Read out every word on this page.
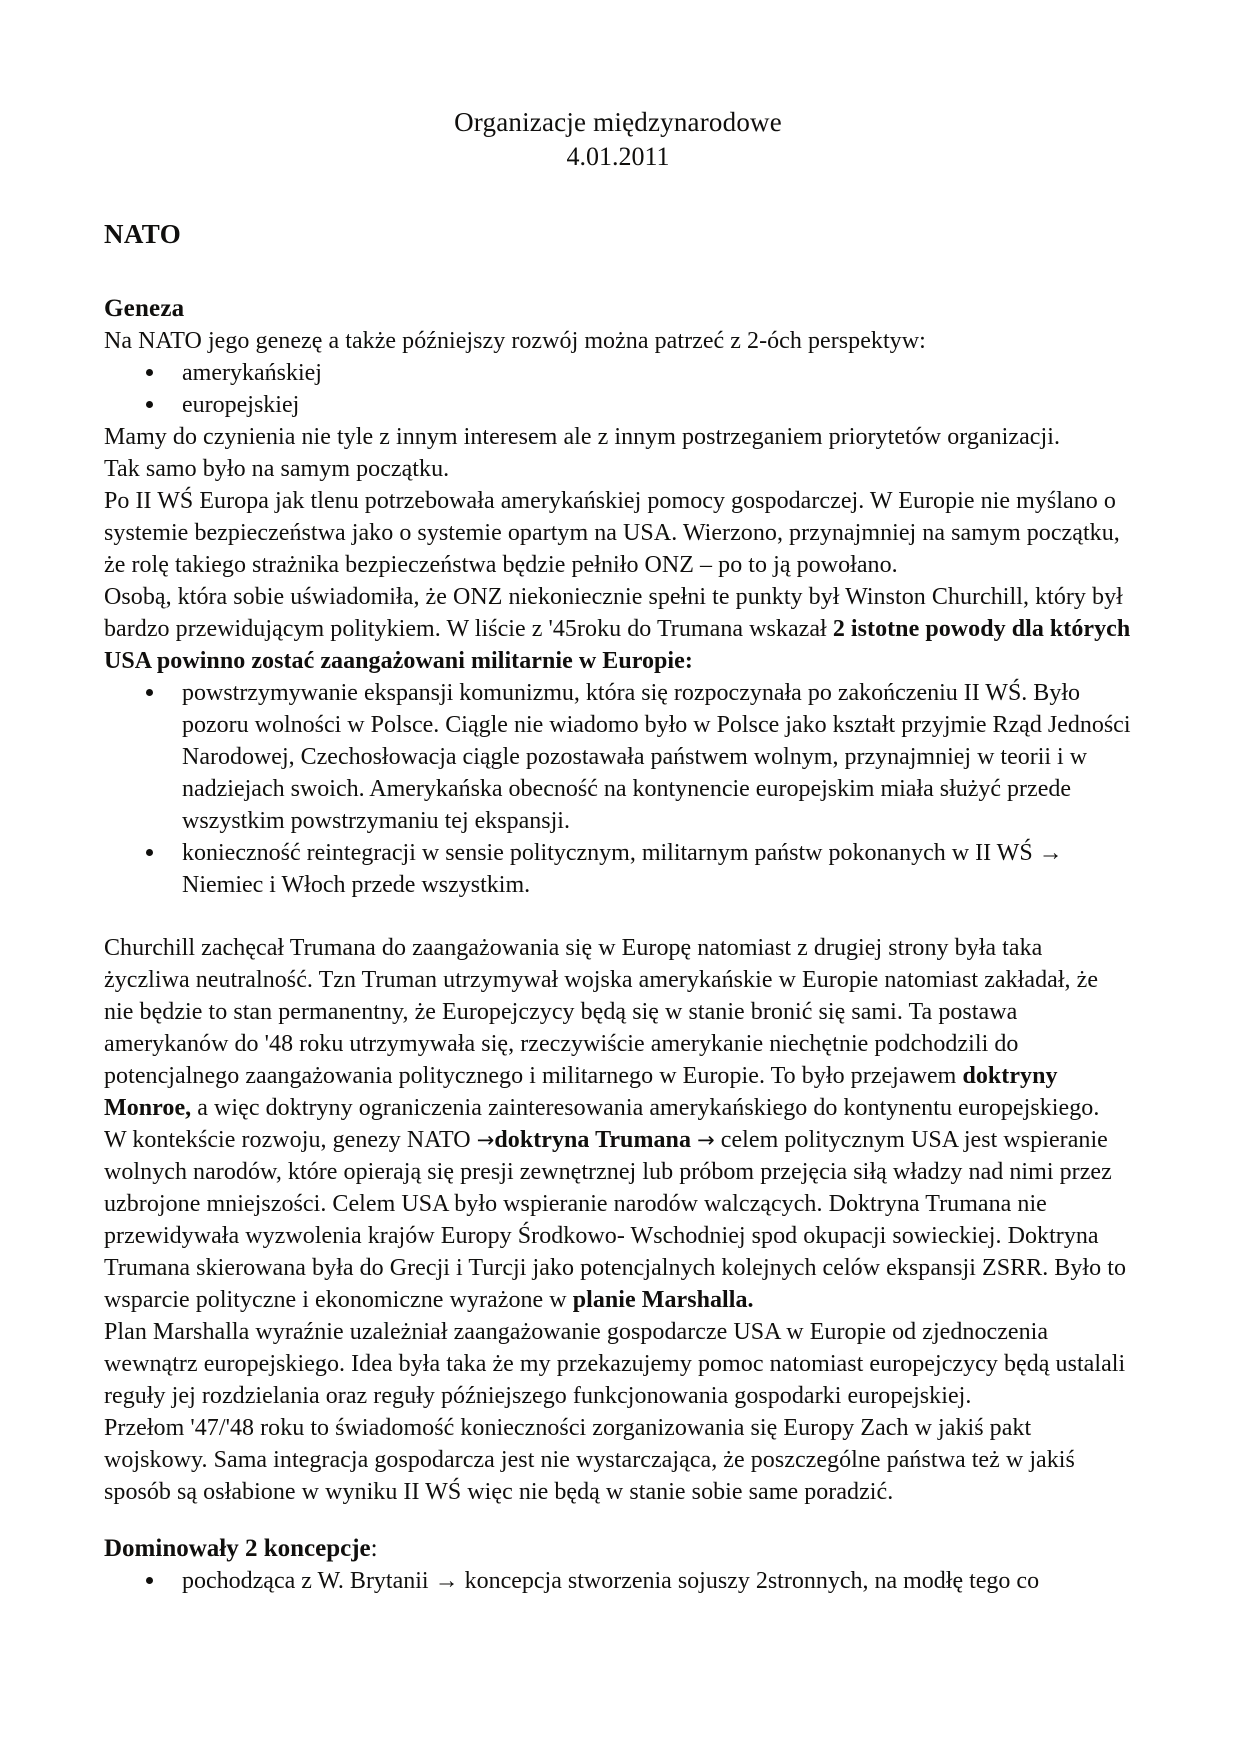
Organizacje międzynarodowe

4.01.2011

NATO
Geneza

Na NATO jego genezę a także późniejszy rozwój można patrzeć z 2-óch perspektyw:

amerykańskiej
europejskiej

Mamy do czynienia nie tyle z innym interesem ale z innym postrzeganiem priorytetów organizacji.

Tak samo było na samym początku.

Po II WŚ Europa jak tlenu potrzebowała amerykańskiej pomocy gospodarczej. W Europie nie myślano o systemie bezpieczeństwa jako o systemie opartym na USA. Wierzono, przynajmniej na samym początku, że rolę takiego strażnika bezpieczeństwa będzie pełniło ONZ – po to ją powołano.

Osobą, która sobie uświadomiła, że ONZ niekoniecznie spełni te punkty był Winston Churchill, który był bardzo przewidującym politykiem. W liście z '45roku do Trumana wskazał 2 istotne powody dla których USA powinno zostać zaangażowani militarnie w Europie:

powstrzymywanie ekspansji komunizmu, która się rozpoczynała po zakończeniu II WŚ. Było pozoru wolności w Polsce. Ciągle nie wiadomo było w Polsce jako kształt przyjmie Rząd Jedności Narodowej, Czechosłowacja ciągle pozostawała państwem wolnym, przynajmniej w teorii i w nadziejach swoich. Amerykańska obecność na kontynencie europejskim miała służyć przede wszystkim powstrzymaniu tej ekspansji.
konieczność reintegracji w sensie politycznym, militarnym państw pokonanych w II WŚ → Niemiec i Włoch przede wszystkim.

Churchill zachęcał Trumana do zaangażowania się w Europę natomiast z drugiej strony była taka życzliwa neutralność. Tzn Truman utrzymywał wojska amerykańskie w Europie natomiast zakładał, że nie będzie to stan permanentny, że Europejczycy będą się w stanie bronić się sami. Ta postawa amerykanów do '48 roku utrzymywała się, rzeczywiście amerykanie niechętnie podchodzili do potencjalnego zaangażowania politycznego i militarnego w Europie. To było przejawem doktryny Monroe, a więc doktryny ograniczenia zainteresowania amerykańskiego do kontynentu europejskiego.

W kontekście rozwoju, genezy NATO →doktryna Trumana → celem politycznym USA jest wspieranie wolnych narodów, które opierają się presji zewnętrznej lub próbom przejęcia siłą władzy nad nimi przez uzbrojone mniejszości. Celem USA było wspieranie narodów walczących. Doktryna Trumana nie przewidywała wyzwolenia krajów Europy Środkowo- Wschodniej spod okupacji sowieckiej. Doktryna Trumana skierowana była do Grecji i Turcji jako potencjalnych kolejnych celów ekspansji ZSRR. Było to wsparcie polityczne i ekonomiczne wyrażone w planie Marshalla.

Plan Marshalla wyraźnie uzależniał zaangażowanie gospodarcze USA w Europie od zjednoczenia wewnątrz europejskiego. Idea była taka że my przekazujemy pomoc natomiast europejczycy będą ustalali reguły jej rozdzielania oraz reguły późniejszego funkcjonowania gospodarki europejskiej.

Przełom '47/'48 roku to świadomość konieczności zorganizowania się Europy Zach w jakiś pakt wojskowy. Sama integracja gospodarcza jest nie wystarczająca, że poszczególne państwa też w jakiś sposób są osłabione w wyniku II WŚ więc nie będą w stanie sobie same poradzić.

Dominowały 2 koncepcje:
pochodząca z W. Brytanii → koncepcja stworzenia sojuszy 2stronnych, na modłę tego co
